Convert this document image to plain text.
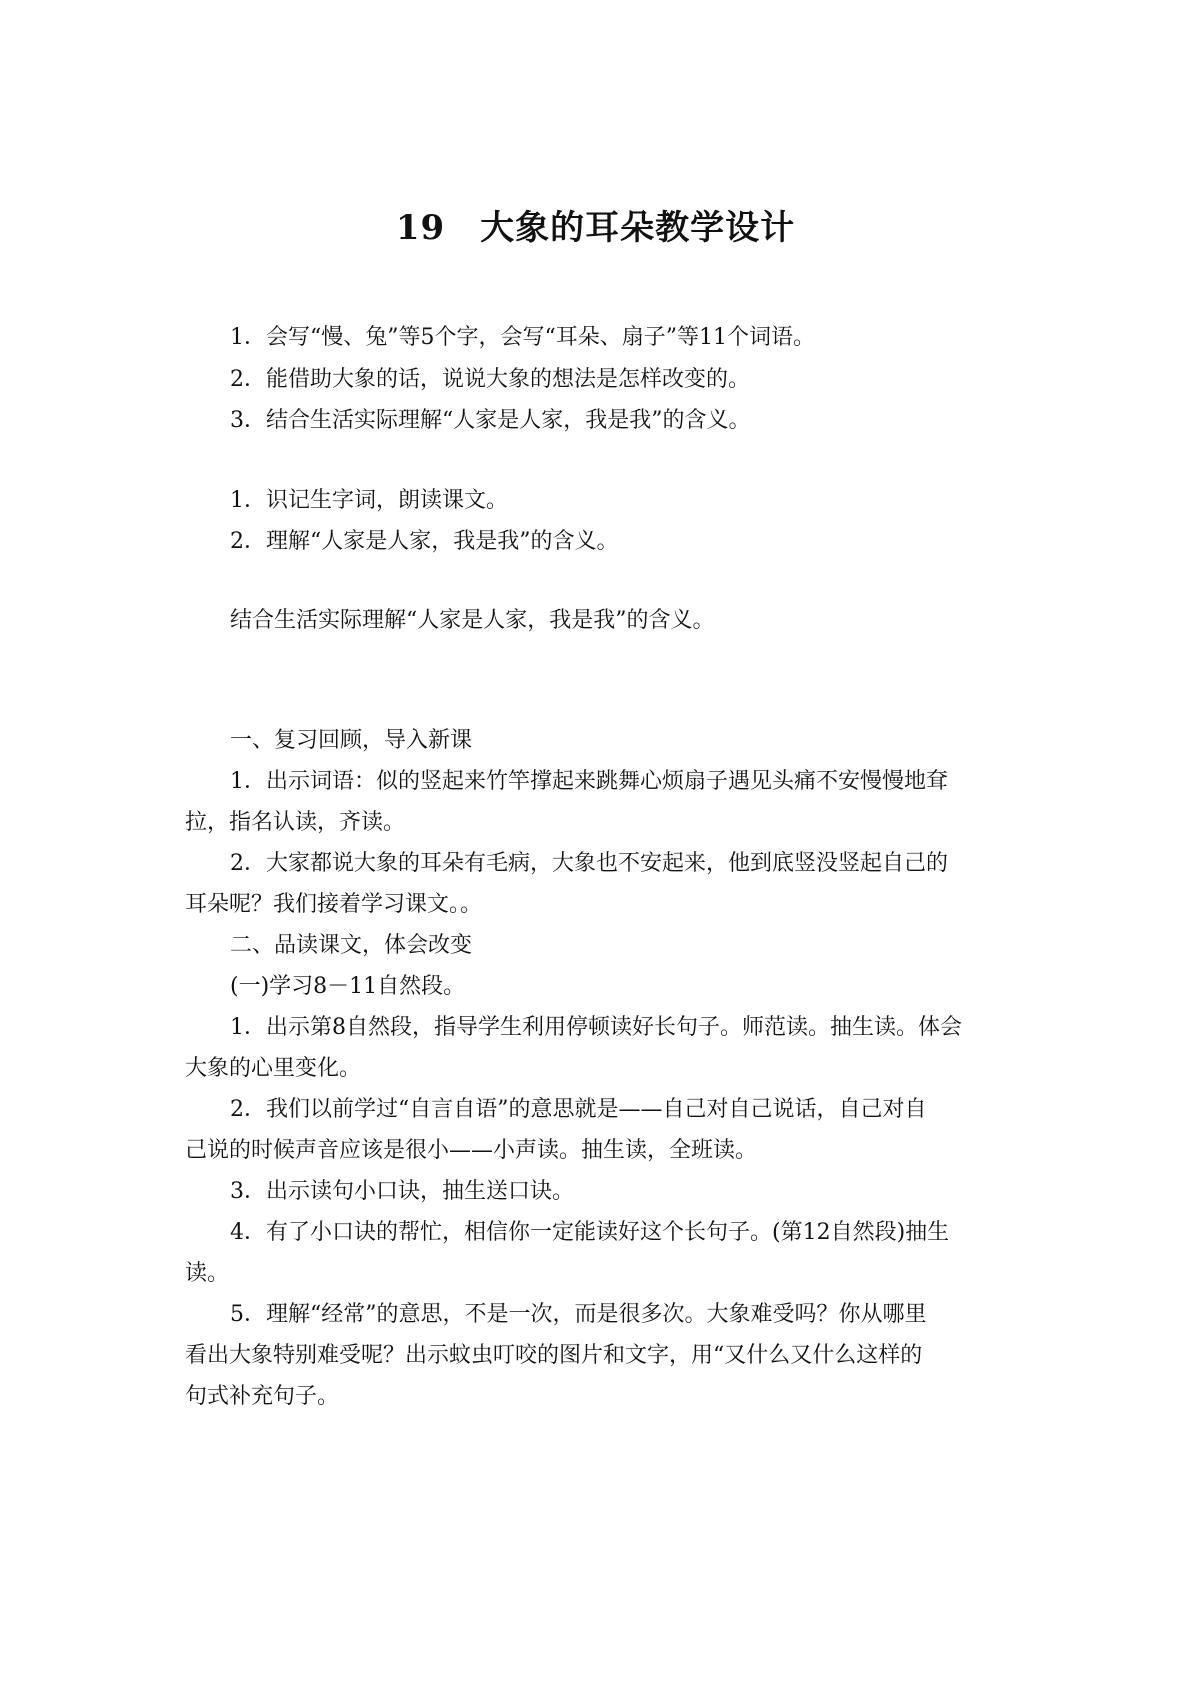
19　大象的耳朵教学设计
1．会写“慢、兔”等5个字，会写“耳朵、扇子”等11个词语。
2．能借助大象的话，说说大象的想法是怎样改变的。
3．结合生活实际理解“人家是人家，我是我”的含义。
1．识记生字词，朗读课文。
2．理解“人家是人家，我是我”的含义。
结合生活实际理解“人家是人家，我是我”的含义。
一、复习回顾，导入新课
1．出示词语：似的竖起来竹竿撑起来跳舞心烦扇子遇见头痛不安慢慢地耷
拉，指名认读，齐读。
2．大家都说大象的耳朵有毛病，大象也不安起来，他到底竖没竖起自己的
耳朵呢？我们接着学习课文。。
二、品读课文，体会改变
(一)学习8－11自然段。
1．出示第8自然段，指导学生利用停顿读好长句子。师范读。抽生读。体会
大象的心里变化。
2．我们以前学过“自言自语”的意思就是——自己对自己说话，自己对自
己说的时候声音应该是很小——小声读。抽生读，全班读。
3．出示读句小口诀，抽生送口诀。
4．有了小口诀的帮忙，相信你一定能读好这个长句子。(第12自然段)抽生
读。
5．理解“经常”的意思，不是一次，而是很多次。大象难受吗？你从哪里
看出大象特别难受呢？出示蚊虫叮咬的图片和文字，用“又什么又什么这样的
句式补充句子。
